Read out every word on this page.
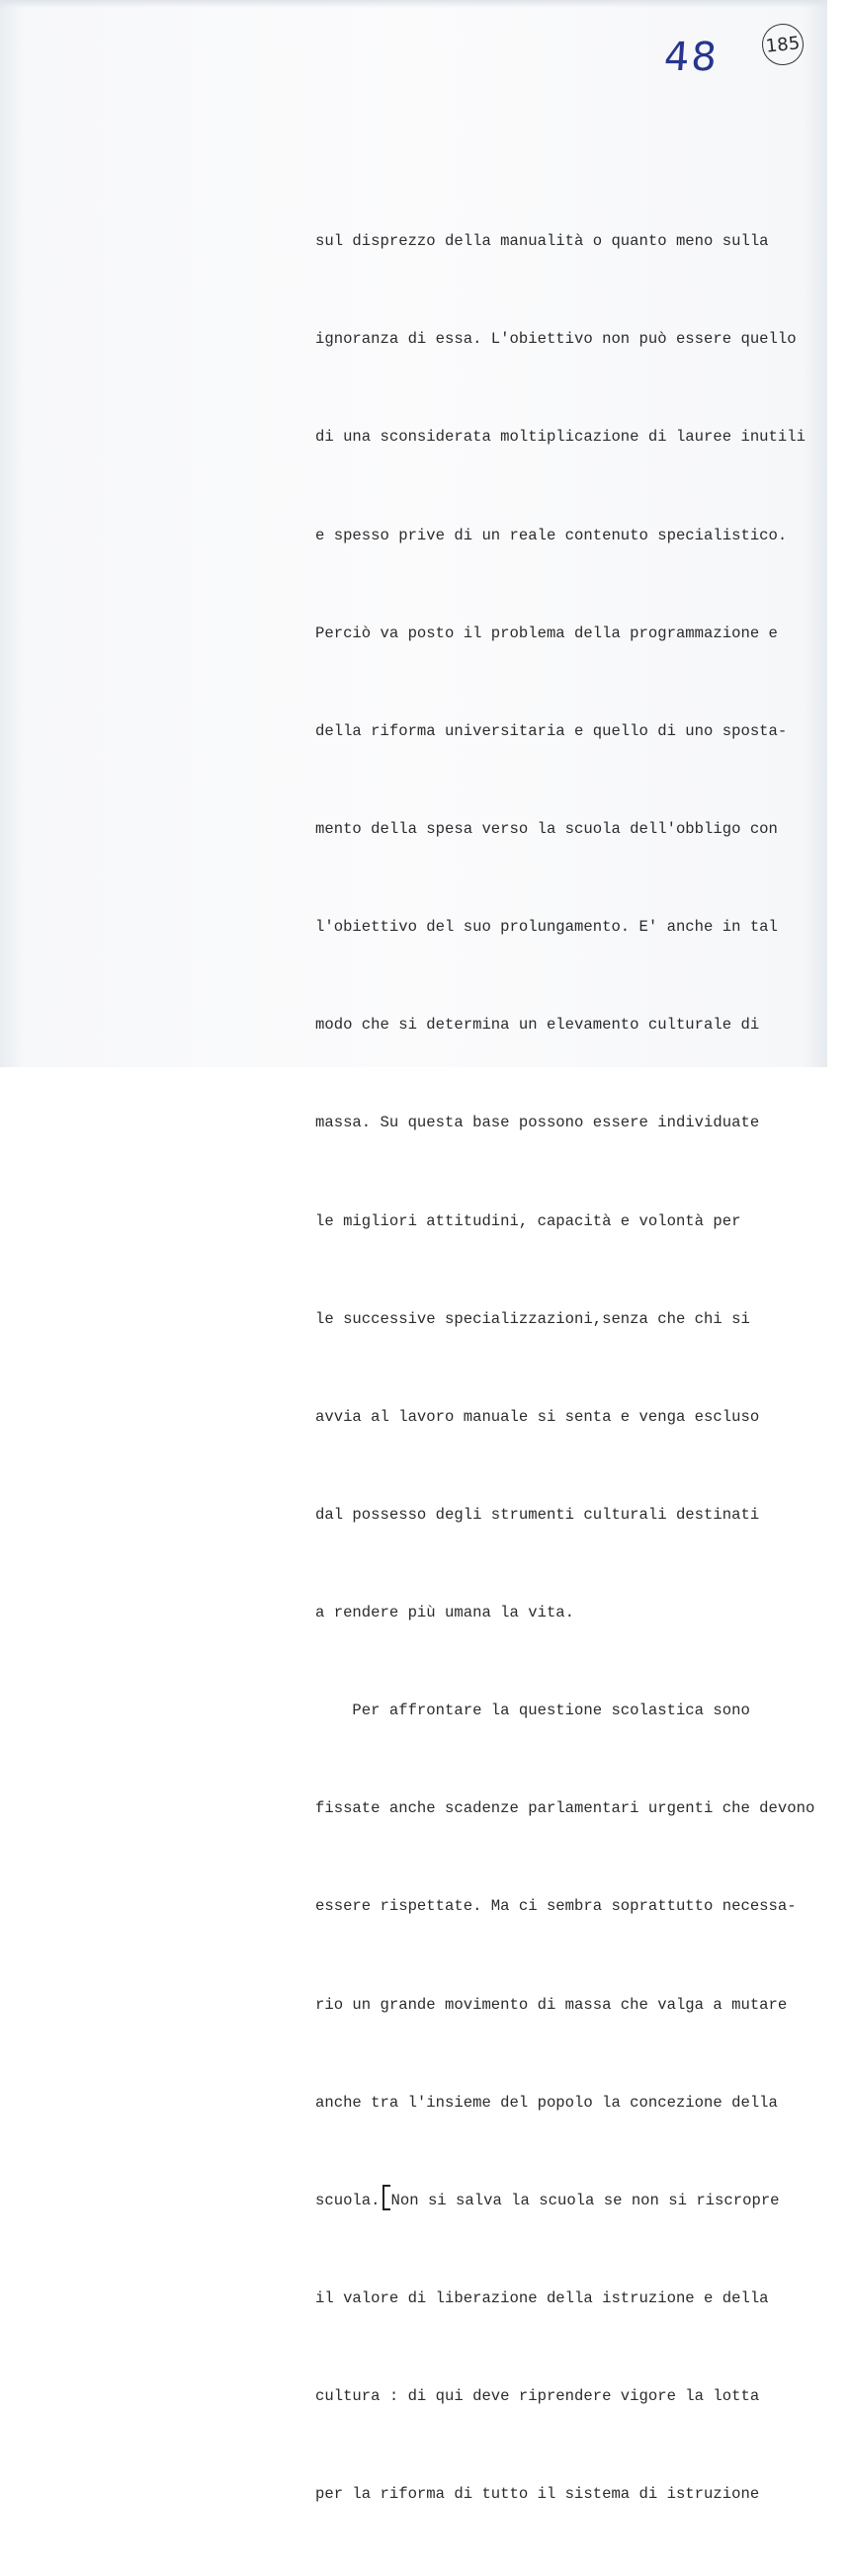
48	185

sul disprezzo della manualità o quanto meno sulla

ignoranza di essa. L'obiettivo non può essere quello

di una sconsiderata moltiplicazione di lauree inutili

e spesso prive di un reale contenuto specialistico.

Perciò va posto il problema della programmazione e

della riforma universitaria e quello di uno sposta-

mento della spesa verso la scuola dell'obbligo con

l'obiettivo del suo prolungamento. E' anche in tal

modo che si determina un elevamento culturale di

massa. Su questa base possono essere individuate

le migliori attitudini, capacità e volontà per

le successive specializzazioni,senza che chi si

avvia al lavoro manuale si senta e venga escluso

dal possesso degli strumenti culturali destinati

a rendere più umana la vita.

Per affrontare la questione scolastica sono

fissate anche scadenze parlamentari urgenti che devono

essere rispettate. Ma ci sembra soprattutto necessa-

rio un grande movimento di massa che valga a mutare

anche tra l'insieme del popolo la concezione della

scuola. Non si salva la scuola se non si riscropre

il valore di liberazione della istruzione e della

cultura : di qui deve riprendere vigore la lotta

per la riforma di tutto il sistema di istruzione
